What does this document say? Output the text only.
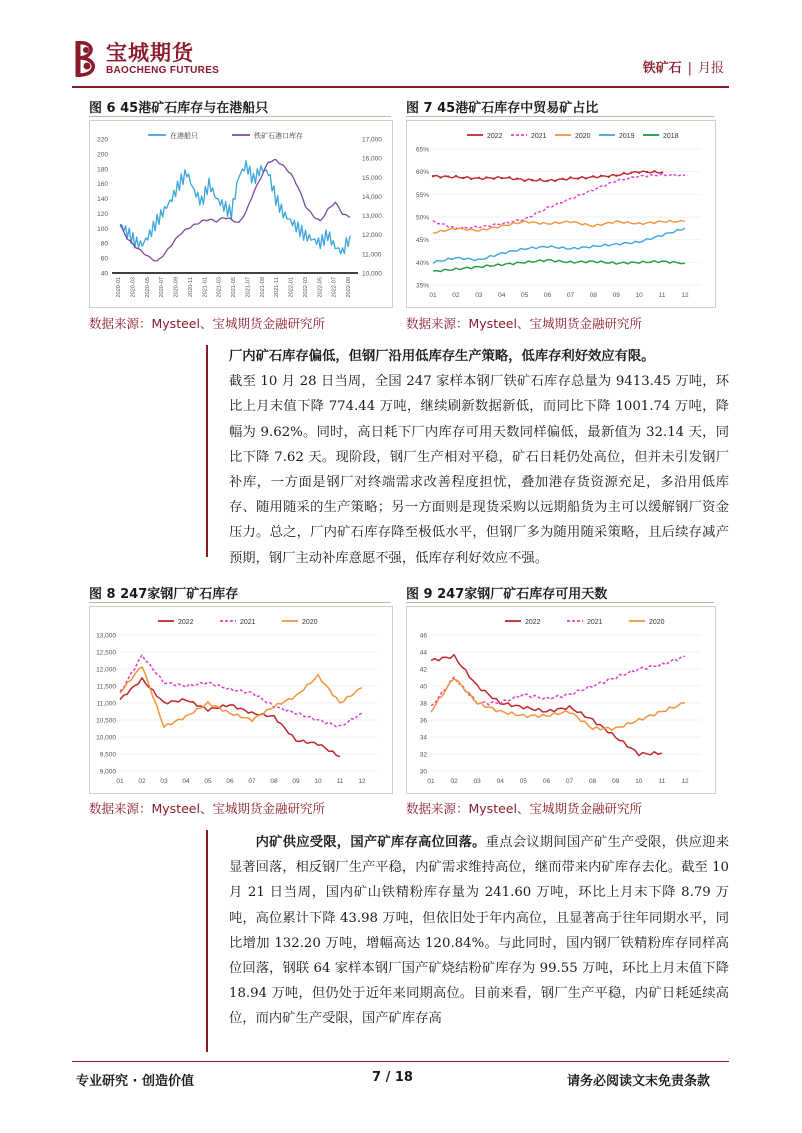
宝城期货
BAOCHENG FUTURES	铁矿石 | 月报
图 6 45港矿石库存与在港船只
40
60
80
100
120
140
160
180
200
220
10,000
11,000
12,000
13,000
14,000
15,000
16,000
17,000
2020-01 2020-03 2020-05 2020-07 2020-09 2020-11 2021-01 2021-03 2021-05 2021-07 2021-09 2021-11 2022-01 2022-03 2022-05 2022-07 2022-09
在港船只	铁矿石港口库存
数据来源：Mysteel、宝城期货金融研究所
图 7 45港矿石库存中贸易矿占比
35%
40%
45%
50%
55%
60%
65%
01 02 03 04 05 06 07 08 09 10 11 12
2022	2021	2020	2019	2018
数据来源：Mysteel、宝城期货金融研究所

厂内矿石库存偏低，但钢厂沿用低库存生产策略，低库存利好效应有限。

截至 10 月 28 日当周，全国 247 家样本钢厂铁矿石库存总量为 9413.45 万吨，环比上月末值下降 774.44 万吨，继续刷新数据新低，而同比下降 1001.74 万吨，降幅为 9.62%。同时，高日耗下厂内库存可用天数同样偏低，最新值为 32.14 天，同比下降 7.62 天。现阶段，钢厂生产相对平稳，矿石日耗仍处高位，但并未引发钢厂补库，一方面是钢厂对终端需求改善程度担忧，叠加港存货资源充足，多沿用低库存、随用随采的生产策略；另一方面则是现货采购以远期船货为主可以缓解钢厂资金压力。总之，厂内矿石库存降至极低水平，但钢厂多为随用随采策略，且后续存减产预期，钢厂主动补库意愿不强，低库存利好效应不强。

图 8 247家钢厂矿石库存
9,000
9,500
10,000
10,500
11,000
11,500
12,000
12,500
13,000
01 02 03 04 05 06 07 08 09 10 11 12
2022	2021	2020
数据来源：Mysteel、宝城期货金融研究所
图 9 247家钢厂矿石库存可用天数
30
32
34
36
38
40
42
44
46
01 02 03 04 05 06 07 08 09 10 11 12
2022	2021	2020
数据来源：Mysteel、宝城期货金融研究所

内矿供应受限，国产矿库存高位回落。重点会议期间国产矿生产受限，供应迎来显著回落，相反钢厂生产平稳，内矿需求维持高位，继而带来内矿库存去化。截至 10 月 21 日当周，国内矿山铁精粉库存量为 241.60 万吨，环比上月末下降 8.79 万吨，高位累计下降 43.98 万吨，但依旧处于年内高位，且显著高于往年同期水平，同比增加 132.20 万吨，增幅高达 120.84%。与此同时，国内钢厂铁精粉库存同样高位回落，钢联 64 家样本钢厂国产矿烧结粉矿库存为 99.55 万吨，环比上月末值下降 18.94 万吨，但仍处于近年来同期高位。目前来看，钢厂生产平稳，内矿日耗延续高位，而内矿生产受限，国产矿库存高

专业研究 · 创造价值	7 / 18	请务必阅读文末免责条款
